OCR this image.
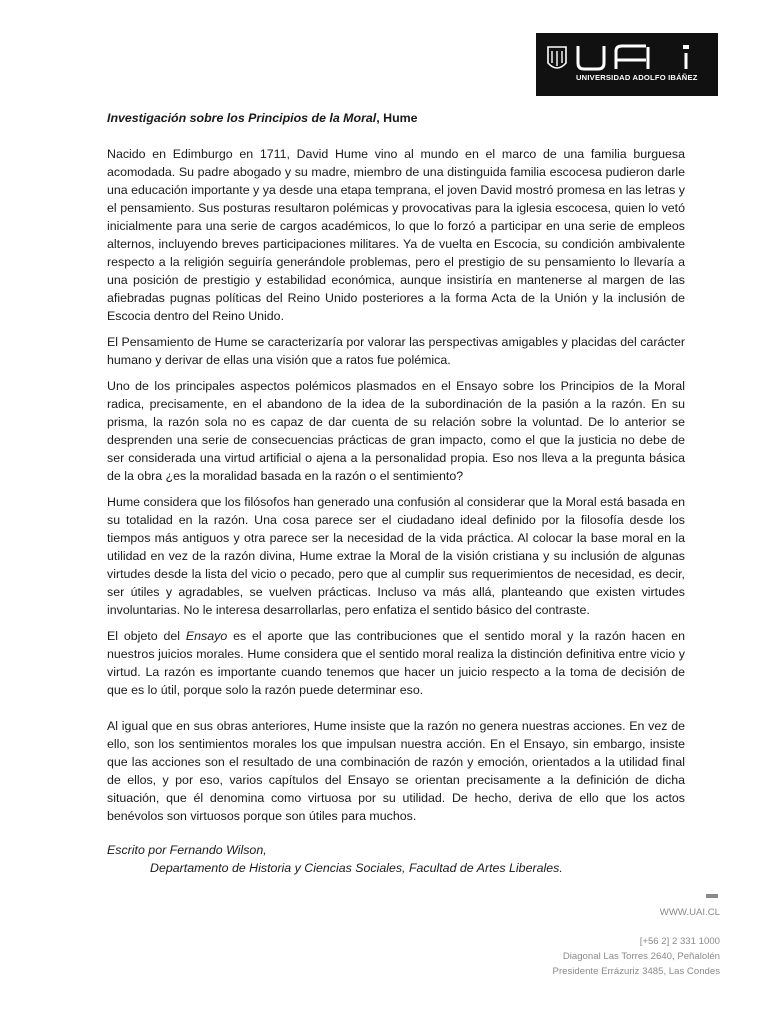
UNIVERSIDAD ADOLFO IBÁÑEZ

Investigación sobre los Principios de la Moral, Hume

Nacido en Edimburgo en 1711, David Hume vino al mundo en el marco de una familia burguesa acomodada. Su padre abogado y su madre, miembro de una distinguida familia escocesa pudieron darle una educación importante y ya desde una etapa temprana, el joven David mostró promesa en las letras y el pensamiento. Sus posturas resultaron polémicas y provocativas para la iglesia escocesa, quien lo vetó inicialmente para una serie de cargos académicos, lo que lo forzó a participar en una serie de empleos alternos, incluyendo breves participaciones militares. Ya de vuelta en Escocia, su condición ambivalente respecto a la religión seguiría generándole problemas, pero el prestigio de su pensamiento lo llevaría a una posición de prestigio y estabilidad económica, aunque insistiría en mantenerse al margen de las afiebradas pugnas políticas del Reino Unido posteriores a la forma Acta de la Unión y la inclusión de Escocia dentro del Reino Unido.

El Pensamiento de Hume se caracterizaría por valorar las perspectivas amigables y placidas del carácter humano y derivar de ellas una visión que a ratos fue polémica.

Uno de los principales aspectos polémicos plasmados en el Ensayo sobre los Principios de la Moral radica, precisamente, en el abandono de la idea de la subordinación de la pasión a la razón. En su prisma, la razón sola no es capaz de dar cuenta de su relación sobre la voluntad. De lo anterior se desprenden una serie de consecuencias prácticas de gran impacto, como el que la justicia no debe de ser considerada una virtud artificial o ajena a la personalidad propia. Eso nos lleva a la pregunta básica de la obra ¿es la moralidad basada en la razón o el sentimiento?

Hume considera que los filósofos han generado una confusión al considerar que la Moral está basada en su totalidad en la razón. Una cosa parece ser el ciudadano ideal definido por la filosofía desde los tiempos más antiguos y otra parece ser la necesidad de la vida práctica. Al colocar la base moral en la utilidad en vez de la razón divina, Hume extrae la Moral de la visión cristiana y su inclusión de algunas virtudes desde la lista del vicio o pecado, pero que al cumplir sus requerimientos de necesidad, es decir, ser útiles y agradables, se vuelven prácticas. Incluso va más allá, planteando que existen virtudes involuntarias. No le interesa desarrollarlas, pero enfatiza el sentido básico del contraste.

El objeto del Ensayo es el aporte que las contribuciones que el sentido moral y la razón hacen en nuestros juicios morales. Hume considera que el sentido moral realiza la distinción definitiva entre vicio y virtud. La razón es importante cuando tenemos que hacer un juicio respecto a la toma de decisión de que es lo útil, porque solo la razón puede determinar eso.

Al igual que en sus obras anteriores, Hume insiste que la razón no genera nuestras acciones. En vez de ello, son los sentimientos morales los que impulsan nuestra acción. En el Ensayo, sin embargo, insiste que las acciones son el resultado de una combinación de razón y emoción, orientados a la utilidad final de ellos, y por eso, varios capítulos del Ensayo se orientan precisamente a la definición de dicha situación, que él denomina como virtuosa por su utilidad. De hecho, deriva de ello que los actos benévolos son virtuosos porque son útiles para muchos.

Escrito por Fernando Wilson,
Departamento de Historia y Ciencias Sociales, Facultad de Artes Liberales.
WWW.UAI.CL
[+56 2] 2 331 1000
Diagonal Las Torres 2640, Peñalolén
Presidente Errázuriz 3485, Las Condes
